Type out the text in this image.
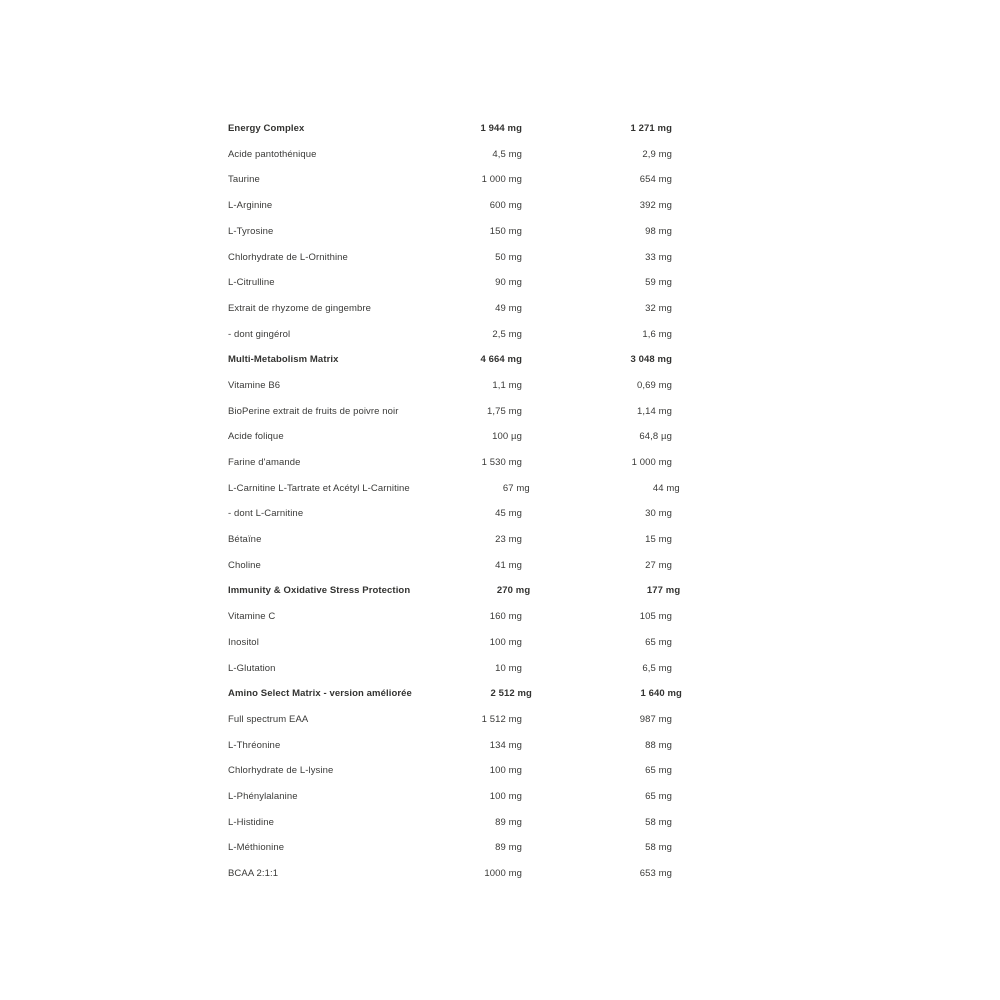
Energy Complex	1 944 mg	1 271 mg
Acide pantothénique	4,5 mg	2,9 mg
Taurine	1 000 mg	654 mg
L-Arginine	600 mg	392 mg
L-Tyrosine	150 mg	98 mg
Chlorhydrate de L-Ornithine	50 mg	33 mg
L-Citrulline	90 mg	59 mg
Extrait de rhyzome de gingembre	49 mg	32 mg
- dont gingérol	2,5 mg	1,6 mg
Multi-Metabolism Matrix	4 664 mg	3 048 mg
Vitamine B6	1,1 mg	0,69 mg
BioPerine extrait de fruits de poivre noir	1,75 mg	1,14 mg
Acide folique	100 µg	64,8 µg
Farine d'amande	1 530 mg	1 000 mg
L-Carnitine L-Tartrate et Acétyl L-Carnitine	67 mg	44 mg
- dont L-Carnitine	45 mg	30 mg
Bétaïne	23 mg	15 mg
Choline	41 mg	27 mg
Immunity & Oxidative Stress Protection	270 mg	177 mg
Vitamine C	160 mg	105 mg
Inositol	100 mg	65 mg
L-Glutation	10 mg	6,5 mg
Amino Select Matrix - version améliorée	2 512 mg	1 640 mg
Full spectrum EAA	1 512 mg	987 mg
L-Thréonine	134 mg	88 mg
Chlorhydrate de L-lysine	100 mg	65 mg
L-Phénylalanine	100 mg	65 mg
L-Histidine	89 mg	58 mg
L-Méthionine	89 mg	58 mg
BCAA 2:1:1	1000 mg	653 mg
